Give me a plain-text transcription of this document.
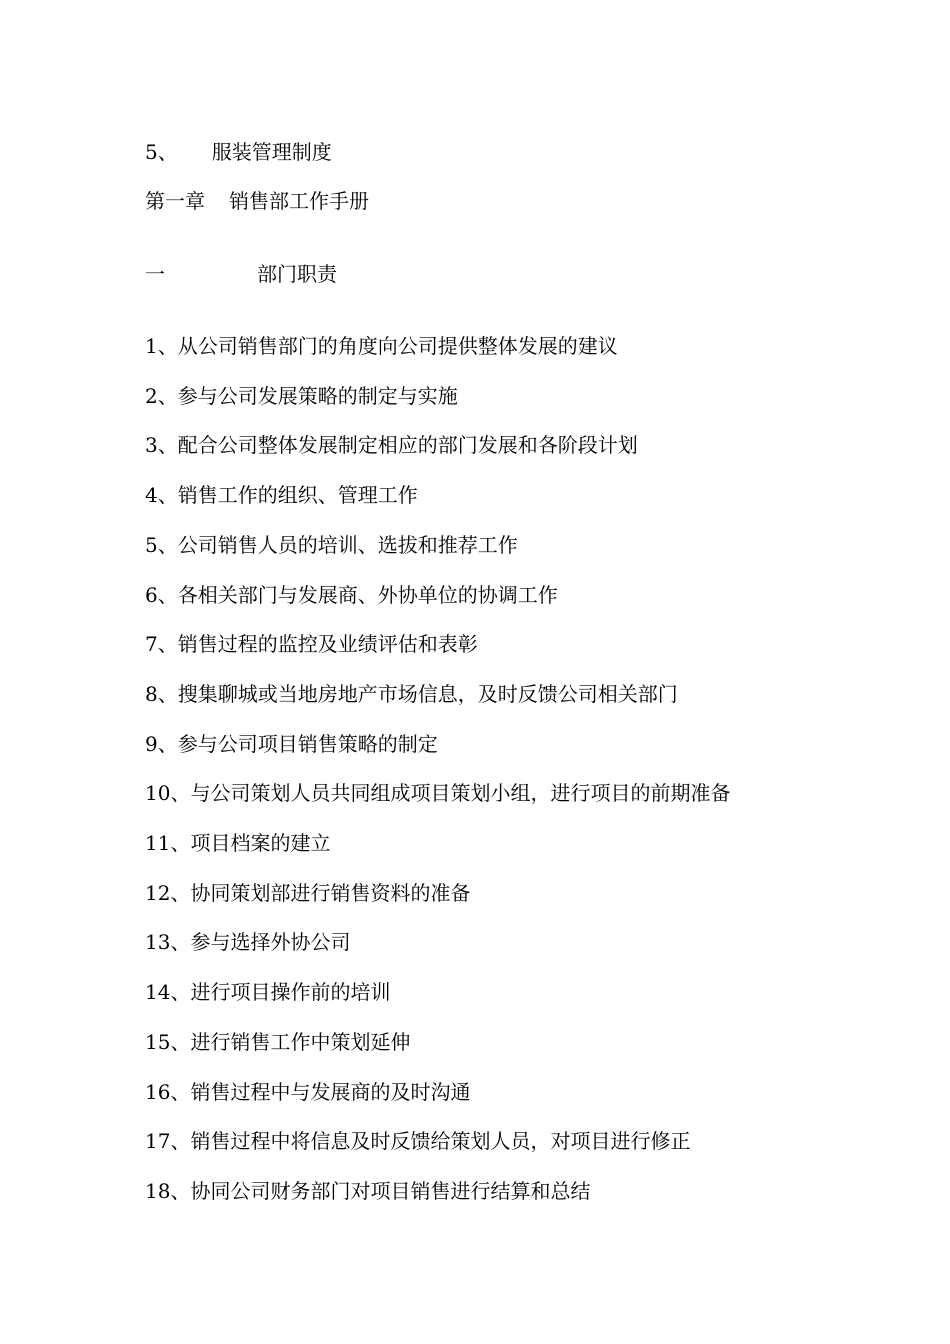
5、 服装管理制度
第一章 销售部工作手册
一	部门职责
1、从公司销售部门的角度向公司提供整体发展的建议
2、参与公司发展策略的制定与实施
3、配合公司整体发展制定相应的部门发展和各阶段计划
4、销售工作的组织、管理工作
5、公司销售人员的培训、选拔和推荐工作
6、各相关部门与发展商、外协单位的协调工作
7、销售过程的监控及业绩评估和表彰
8、搜集聊城或当地房地产市场信息，及时反馈公司相关部门
9、参与公司项目销售策略的制定
10、与公司策划人员共同组成项目策划小组，进行项目的前期准备
11、项目档案的建立
12、协同策划部进行销售资料的准备
13、参与选择外协公司
14、进行项目操作前的培训
15、进行销售工作中策划延伸
16、销售过程中与发展商的及时沟通
17、销售过程中将信息及时反馈给策划人员，对项目进行修正
18、协同公司财务部门对项目销售进行结算和总结
